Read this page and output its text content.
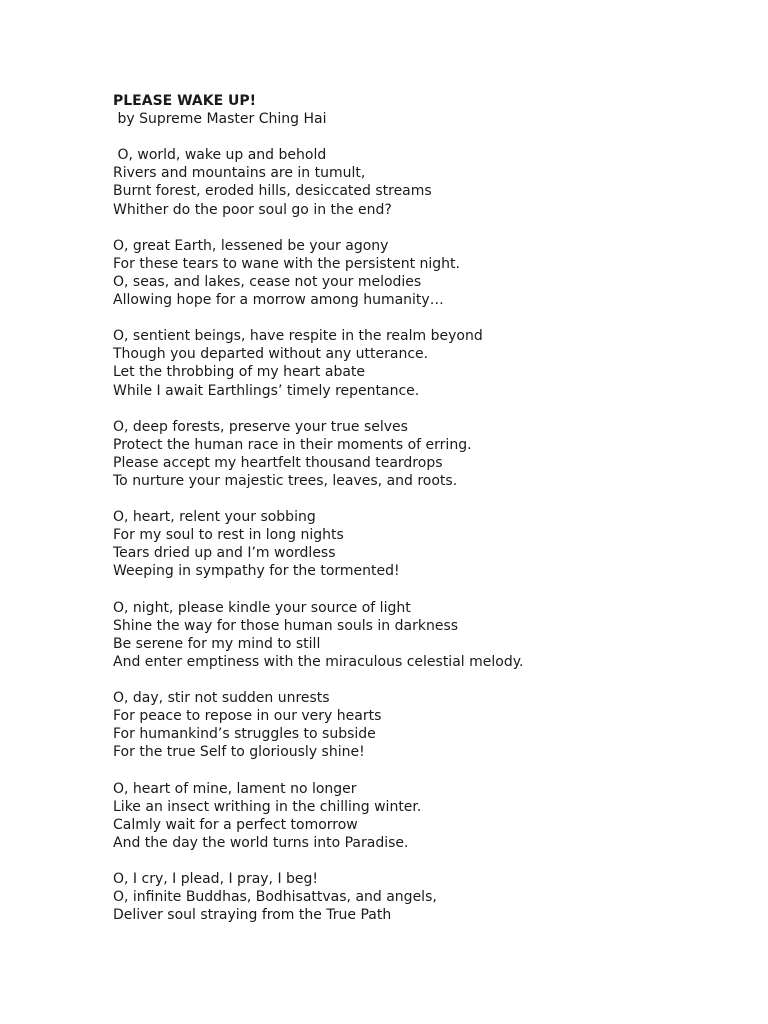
PLEASE WAKE UP!
by Supreme Master Ching Hai
O, world, wake up and behold
Rivers and mountains are in tumult,
Burnt forest, eroded hills, desiccated streams
Whither do the poor soul go in the end?
O, great Earth, lessened be your agony
For these tears to wane with the persistent night.
O, seas, and lakes, cease not your melodies
Allowing hope for a morrow among humanity…
O, sentient beings, have respite in the realm beyond
Though you departed without any utterance.
Let the throbbing of my heart abate
While I await Earthlings’ timely repentance.
O, deep forests, preserve your true selves
Protect the human race in their moments of erring.
Please accept my heartfelt thousand teardrops
To nurture your majestic trees, leaves, and roots.
O, heart, relent your sobbing
For my soul to rest in long nights
Tears dried up and I’m wordless
Weeping in sympathy for the tormented!
O, night, please kindle your source of light
Shine the way for those human souls in darkness
Be serene for my mind to still
And enter emptiness with the miraculous celestial melody.
O, day, stir not sudden unrests
For peace to repose in our very hearts
For humankind’s struggles to subside
For the true Self to gloriously shine!
O, heart of mine, lament no longer
Like an insect writhing in the chilling winter.
Calmly wait for a perfect tomorrow
And the day the world turns into Paradise.
O, I cry, I plead, I pray, I beg!
O, infinite Buddhas, Bodhisattvas, and angels,
Deliver soul straying from the True Path
